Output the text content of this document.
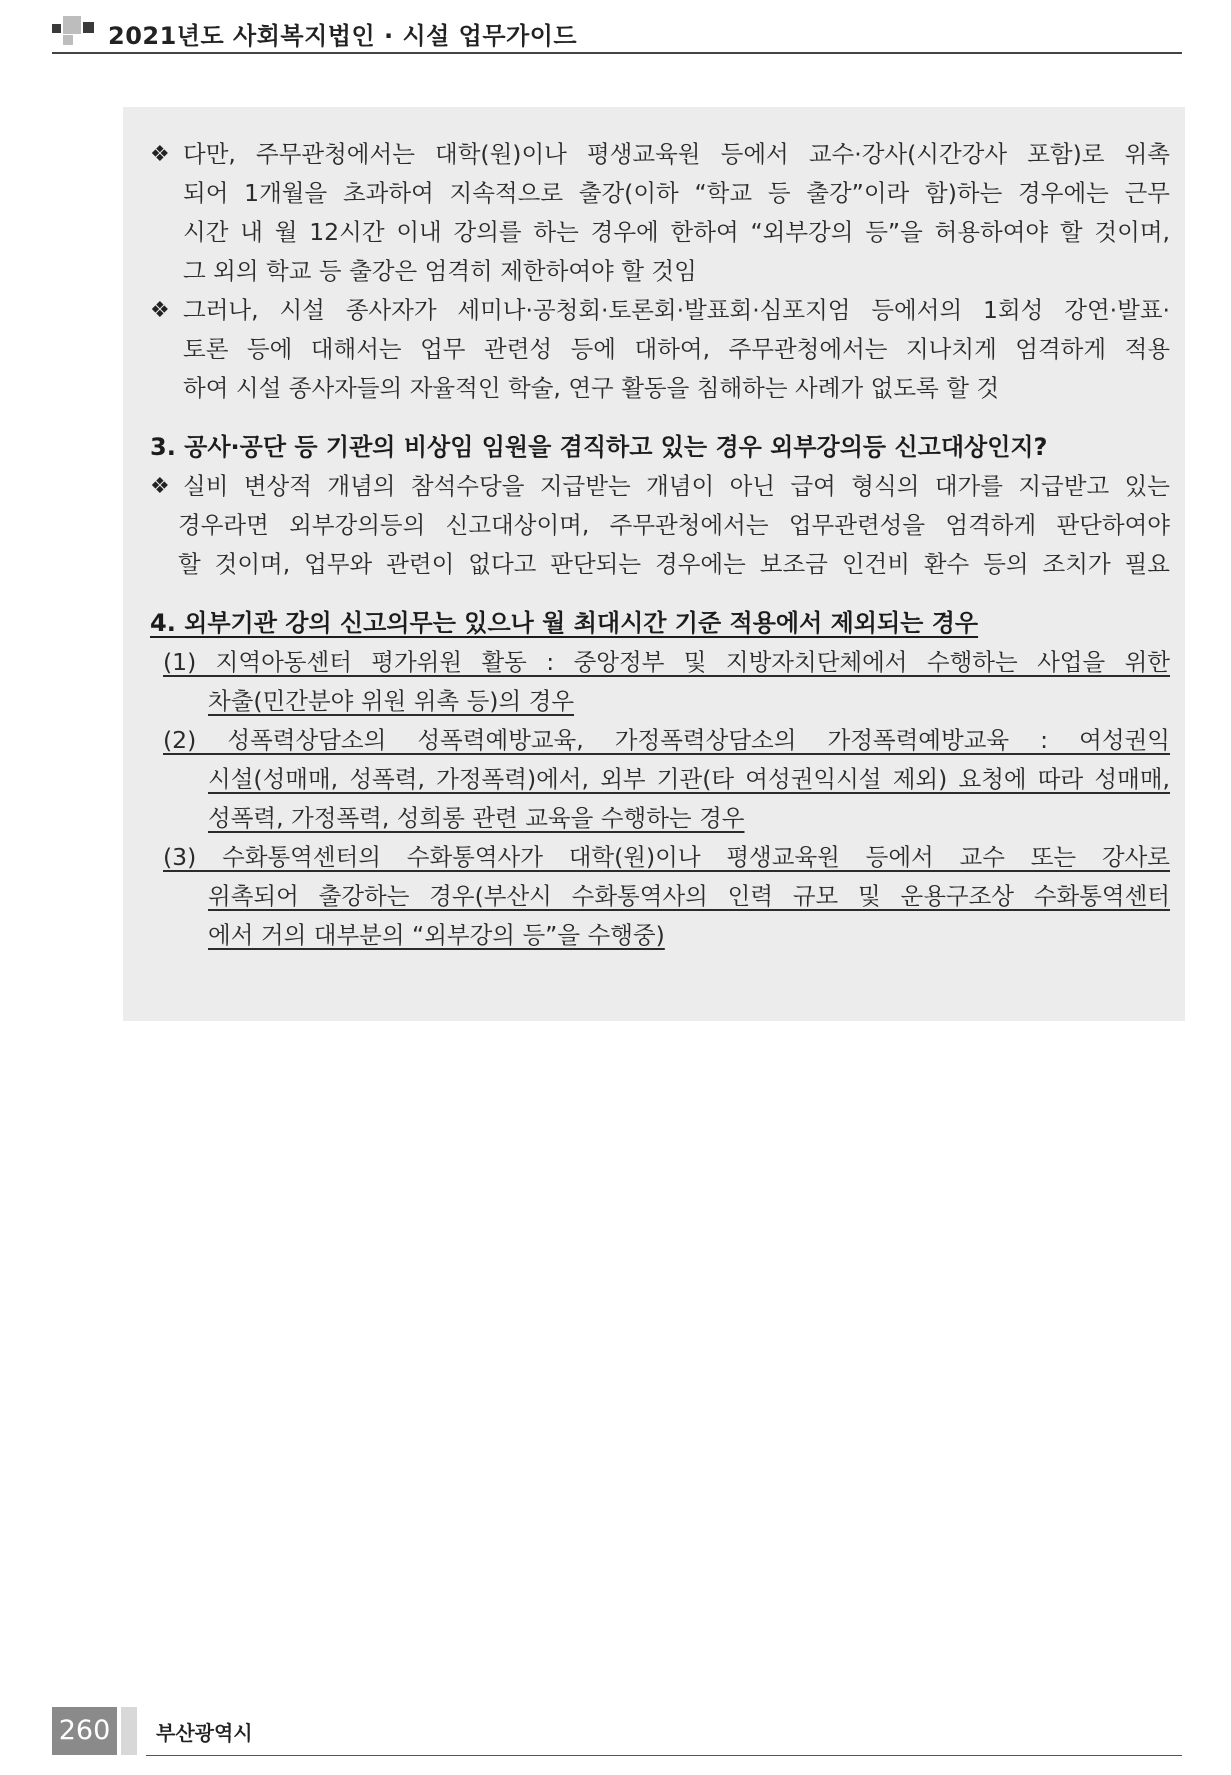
2021년도 사회복지법인 · 시설 업무가이드
❖ 다만, 주무관청에서는 대학(원)이나 평생교육원 등에서 교수·강사(시간강사 포함)로 위촉
되어 1개월을 초과하여 지속적으로 출강(이하 “학교 등 출강”이라 함)하는 경우에는 근무
시간 내 월 12시간 이내 강의를 하는 경우에 한하여 “외부강의 등”을 허용하여야 할 것이며,
그 외의 학교 등 출강은 엄격히 제한하여야 할 것임
❖ 그러나, 시설 종사자가 세미나·공청회·토론회·발표회·심포지엄 등에서의 1회성 강연·발표·
토론 등에 대해서는 업무 관련성 등에 대하여, 주무관청에서는 지나치게 엄격하게 적용
하여 시설 종사자들의 자율적인 학술, 연구 활동을 침해하는 사례가 없도록 할 것
3. 공사·공단 등 기관의 비상임 임원을 겸직하고 있는 경우 외부강의등 신고대상인지?
❖ 실비 변상적 개념의 참석수당을 지급받는 개념이 아닌 급여 형식의 대가를 지급받고 있는
경우라면 외부강의등의 신고대상이며, 주무관청에서는 업무관련성을 엄격하게 판단하여야
할 것이며, 업무와 관련이 없다고 판단되는 경우에는 보조금 인건비 환수 등의 조치가 필요
4. 외부기관 강의 신고의무는 있으나 월 최대시간 기준 적용에서 제외되는 경우
(1) 지역아동센터 평가위원 활동 : 중앙정부 및 지방자치단체에서 수행하는 사업을 위한
차출(민간분야 위원 위촉 등)의 경우
(2) 성폭력상담소의 성폭력예방교육, 가정폭력상담소의 가정폭력예방교육 : 여성권익
시설(성매매, 성폭력, 가정폭력)에서, 외부 기관(타 여성권익시설 제외) 요청에 따라 성매매,
성폭력, 가정폭력, 성희롱 관련 교육을 수행하는 경우
(3) 수화통역센터의 수화통역사가 대학(원)이나 평생교육원 등에서 교수 또는 강사로
위촉되어 출강하는 경우(부산시 수화통역사의 인력 규모 및 운용구조상 수화통역센터
에서 거의 대부분의 “외부강의 등”을 수행중)
260	부산광역시
